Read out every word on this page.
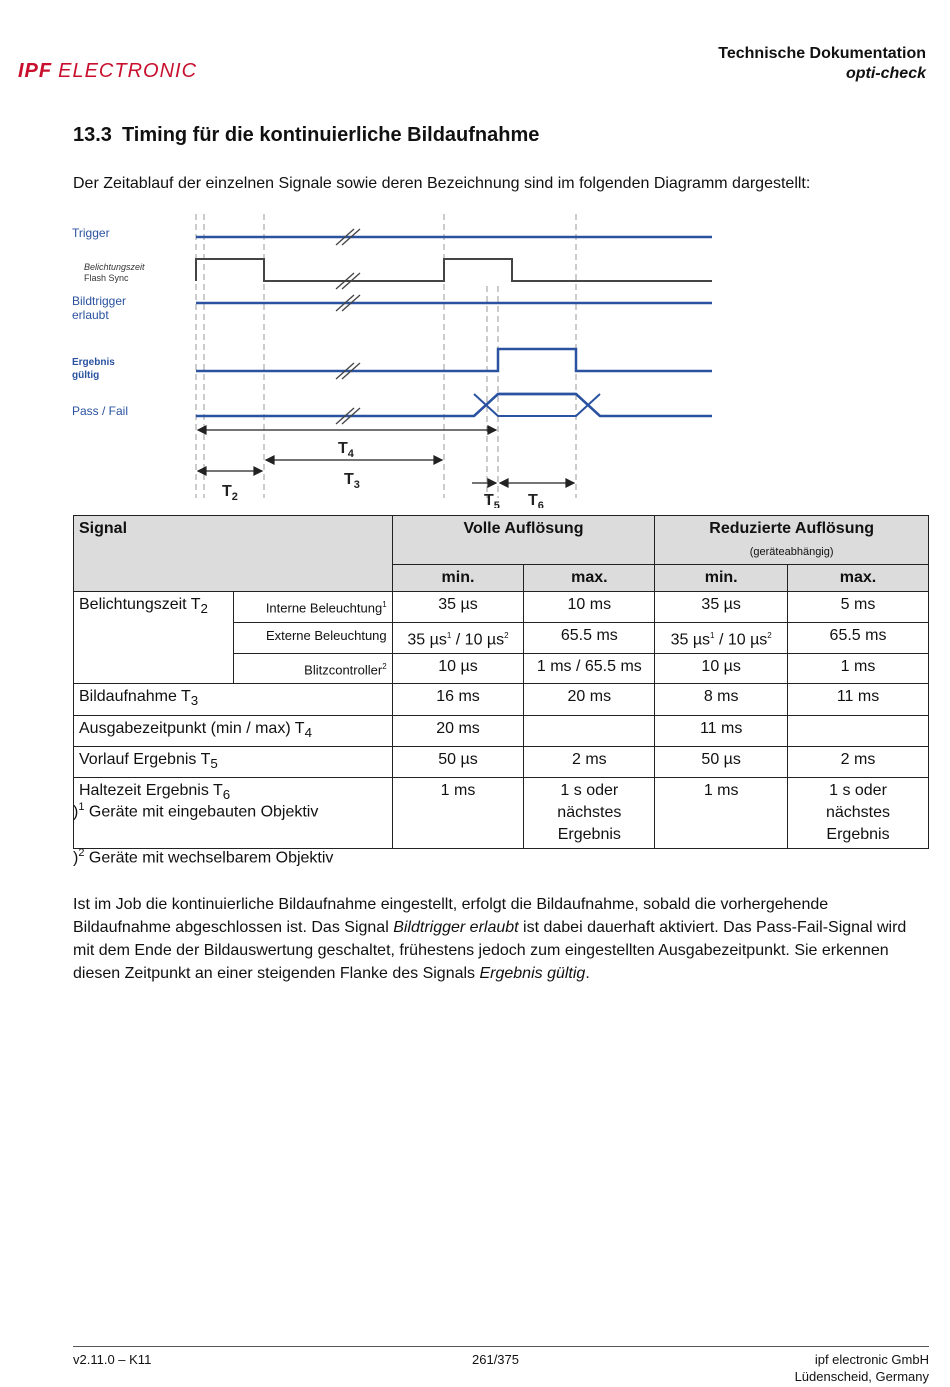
IPF ELECTRONIC
Technische Dokumentation
opti-check
13.3 Timing für die kontinuierliche Bildaufnahme
Der Zeitablauf der einzelnen Signale sowie deren Bezeichnung sind im folgenden Diagramm dargestellt:
Trigger
Belichtungszeit
Flash Sync
Bildtrigger
erlaubt
Ergebnis
gültig
Pass / Fail
$T_4$
$T_3$
$T_2$	$T_5$ $T_6$
Signal		Volle Auflösung		Reduzierte Auflösung
(geräteabhängig)	
		min.	max.	min.	max.
Belichtungszeit $T_2$	Interne Beleuchtung$^1$	35 µs	10 ms	35 µs	5 ms
	Externe Beleuchtung	35 µs$^1$ / 10 µs$^2$	65.5 ms	35 µs$^1$ / 10 µs$^2$	65.5 ms
	Blitzcontroller$^2$	10 µs	1 ms / 65.5 ms	10 µs	1 ms
Bildaufnahme $T_3$		16 ms	20 ms	8 ms	11 ms
Ausgabezeitpunkt (min / max) $T_4$		20 ms		11 ms	
Vorlauf Ergebnis $T_5$		50 µs	2 ms	50 µs	2 ms
Haltezeit Ergebnis $T_6$		1 ms	1 s oder nächstes Ergebnis	1 ms	1 s oder nächstes Ergebnis
)$^1$ Geräte mit eingebauten Objektiv
)$^2$ Geräte mit wechselbarem Objektiv
Ist im Job die kontinuierliche Bildaufnahme eingestellt, erfolgt die Bildaufnahme, sobald die vorhergehende Bildaufnahme abgeschlossen ist. Das Signal Bildtrigger erlaubt ist dabei dauerhaft aktiviert. Das Pass-Fail-Signal wird mit dem Ende der Bildauswertung geschaltet, frühestens jedoch zum eingestellten Ausgabezeitpunkt. Sie erkennen diesen Zeitpunkt an einer steigenden Flanke des Signals Ergebnis gültig.
v2.11.0 – K11	261/375	ipf electronic GmbH
Lüdenscheid, Germany
